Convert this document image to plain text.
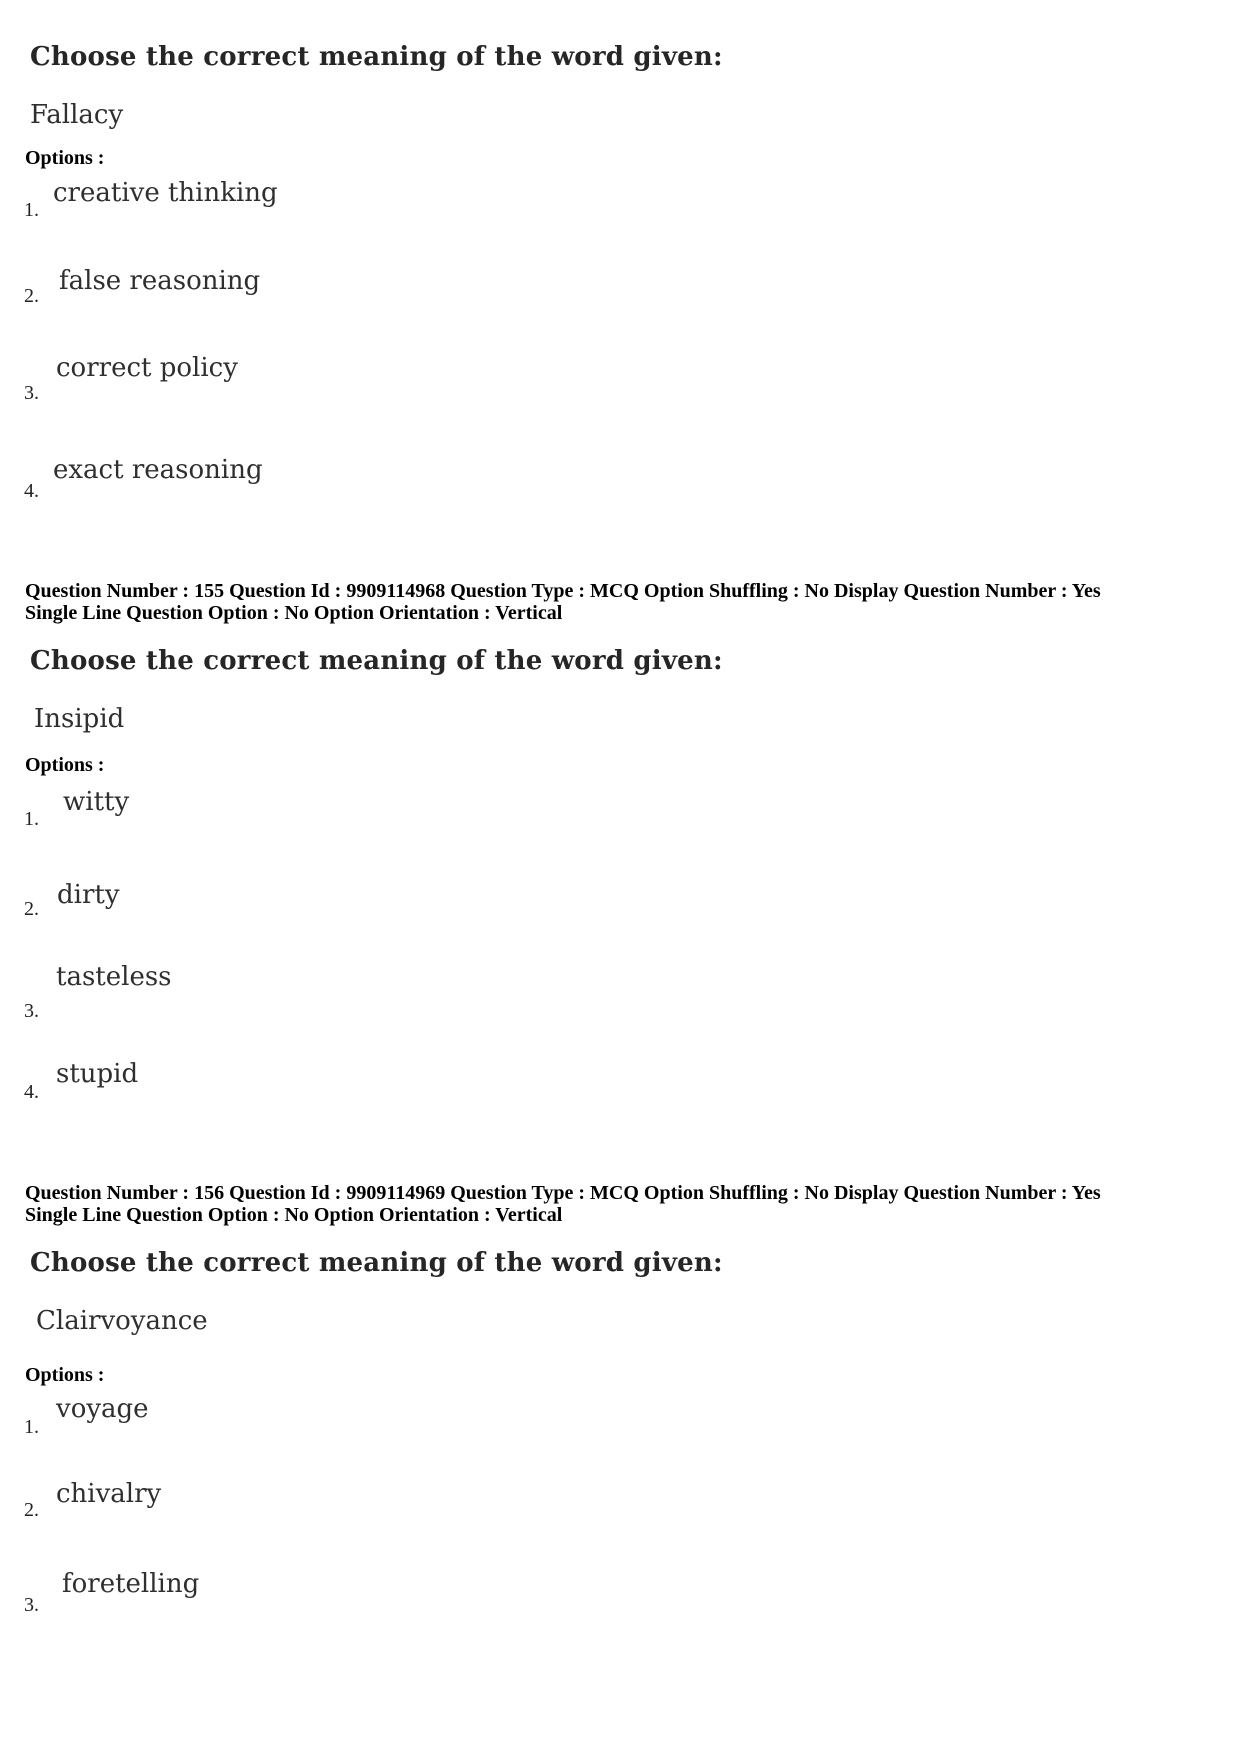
Choose the correct meaning of the word given:
Fallacy
Options :
1.
creative thinking
2. false reasoning
3.
correct policy
4.
exact reasoning
Question Number : 155 Question Id : 9909114968 Question Type : MCQ Option Shuffling : No Display Question Number : Yes
Single Line Question Option : No Option Orientation : Vertical
Choose the correct meaning of the word given:
Insipid
Options :
1.
witty
2. dirty
3.
tasteless
4.
stupid
Question Number : 156 Question Id : 9909114969 Question Type : MCQ Option Shuffling : No Display Question Number : Yes
Single Line Question Option : No Option Orientation : Vertical
Choose the correct meaning of the word given:
Clairvoyance
Options :
1.
voyage
2.
chivalry
3.
foretelling
